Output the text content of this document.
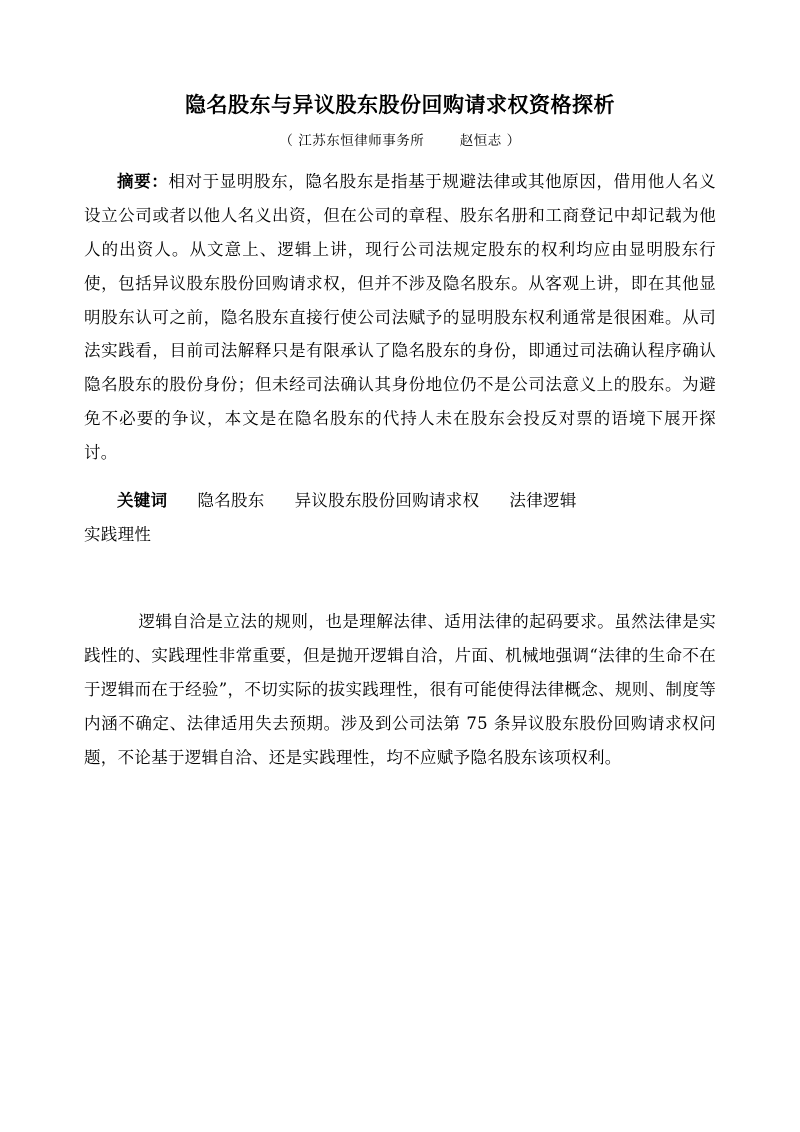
隐名股东与异议股东股份回购请求权资格探析
（ 江苏东恒律师事务所	赵恒志 ）

摘要：相对于显明股东，隐名股东是指基于规避法律或其他原因，借用他人名义设立公司或者以他人名义出资，但在公司的章程、股东名册和工商登记中却记载为他人的出资人。从文意上、逻辑上讲，现行公司法规定股东的权利均应由显明股东行使，包括异议股东股份回购请求权，但并不涉及隐名股东。从客观上讲，即在其他显明股东认可之前，隐名股东直接行使公司法赋予的显明股东权利通常是很困难。从司法实践看，目前司法解释只是有限承认了隐名股东的身份，即通过司法确认程序确认隐名股东的股份身份；但未经司法确认其身份地位仍不是公司法意义上的股东。为避免不必要的争议，本文是在隐名股东的代持人未在股东会投反对票的语境下展开探讨。

关键词 隐名股东 异议股东股份回购请求权 法律逻辑

实践理性

逻辑自洽是立法的规则，也是理解法律、适用法律的起码要求。虽然法律是实践性的、实践理性非常重要，但是抛开逻辑自洽，片面、机械地强调“法律的生命不在于逻辑而在于经验”，不切实际的拔实践理性，很有可能使得法律概念、规则、制度等内涵不确定、法律适用失去预期。涉及到公司法第 75 条异议股东股份回购请求权问题，不论基于逻辑自洽、还是实践理性，均不应赋予隐名股东该项权利。
